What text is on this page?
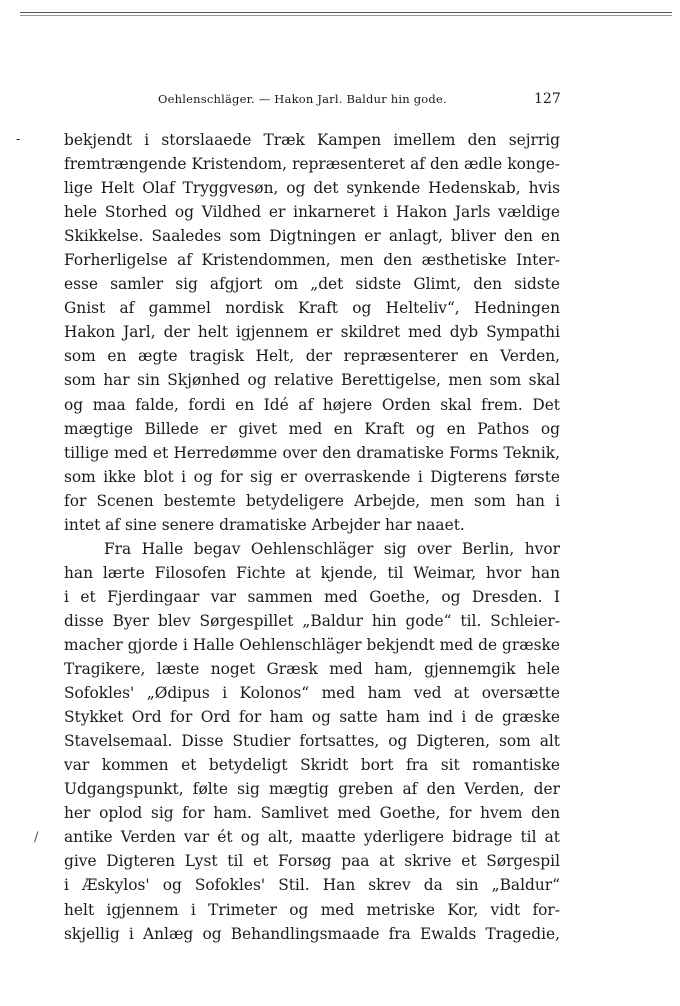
Oehlenschläger. — Hakon Jarl. Baldur hin gode.	127
-
/
bekjendt i storslaaede Træk Kampen imellem den sejrrig
fremtrængende Kristendom, repræsenteret af den ædle konge-
lige Helt Olaf Tryggvesøn, og det synkende Hedenskab, hvis
hele Storhed og Vildhed er inkarneret i Hakon Jarls vældige
Skikkelse. Saaledes som Digtningen er anlagt, bliver den en
Forherligelse af Kristendommen, men den æsthetiske Inter-
esse samler sig afgjort om „det sidste Glimt, den sidste
Gnist af gammel nordisk Kraft og Helteliv“, Hedningen
Hakon Jarl, der helt igjennem er skildret med dyb Sympathi
som en ægte tragisk Helt, der repræsenterer en Verden,
som har sin Skjønhed og relative Berettigelse, men som skal
og maa falde, fordi en Idé af højere Orden skal frem. Det
mægtige Billede er givet med en Kraft og en Pathos og
tillige med et Herredømme over den dramatiske Forms Teknik,
som ikke blot i og for sig er overraskende i Digterens første
for Scenen bestemte betydeligere Arbejde, men som han i
intet af sine senere dramatiske Arbejder har naaet.
Fra Halle begav Oehlenschläger sig over Berlin, hvor
han lærte Filosofen Fichte at kjende, til Weimar, hvor han
i et Fjerdingaar var sammen med Goethe, og Dresden. I
disse Byer blev Sørgespillet „Baldur hin gode“ til. Schleier-
macher gjorde i Halle Oehlenschläger bekjendt med de græske
Tragikere, læste noget Græsk med ham, gjennemgik hele
Sofokles' „Ødipus i Kolonos“ med ham ved at oversætte
Stykket Ord for Ord for ham og satte ham ind i de græske
Stavelsemaal. Disse Studier fortsattes, og Digteren, som alt
var kommen et betydeligt Skridt bort fra sit romantiske
Udgangspunkt, følte sig mægtig greben af den Verden, der
her oplod sig for ham. Samlivet med Goethe, for hvem den
antike Verden var ét og alt, maatte yderligere bidrage til at
give Digteren Lyst til et Forsøg paa at skrive et Sørgespil
i Æskylos' og Sofokles' Stil. Han skrev da sin „Baldur“
helt igjennem i Trimeter og med metriske Kor, vidt for-
skjellig i Anlæg og Behandlingsmaade fra Ewalds Tragedie,
